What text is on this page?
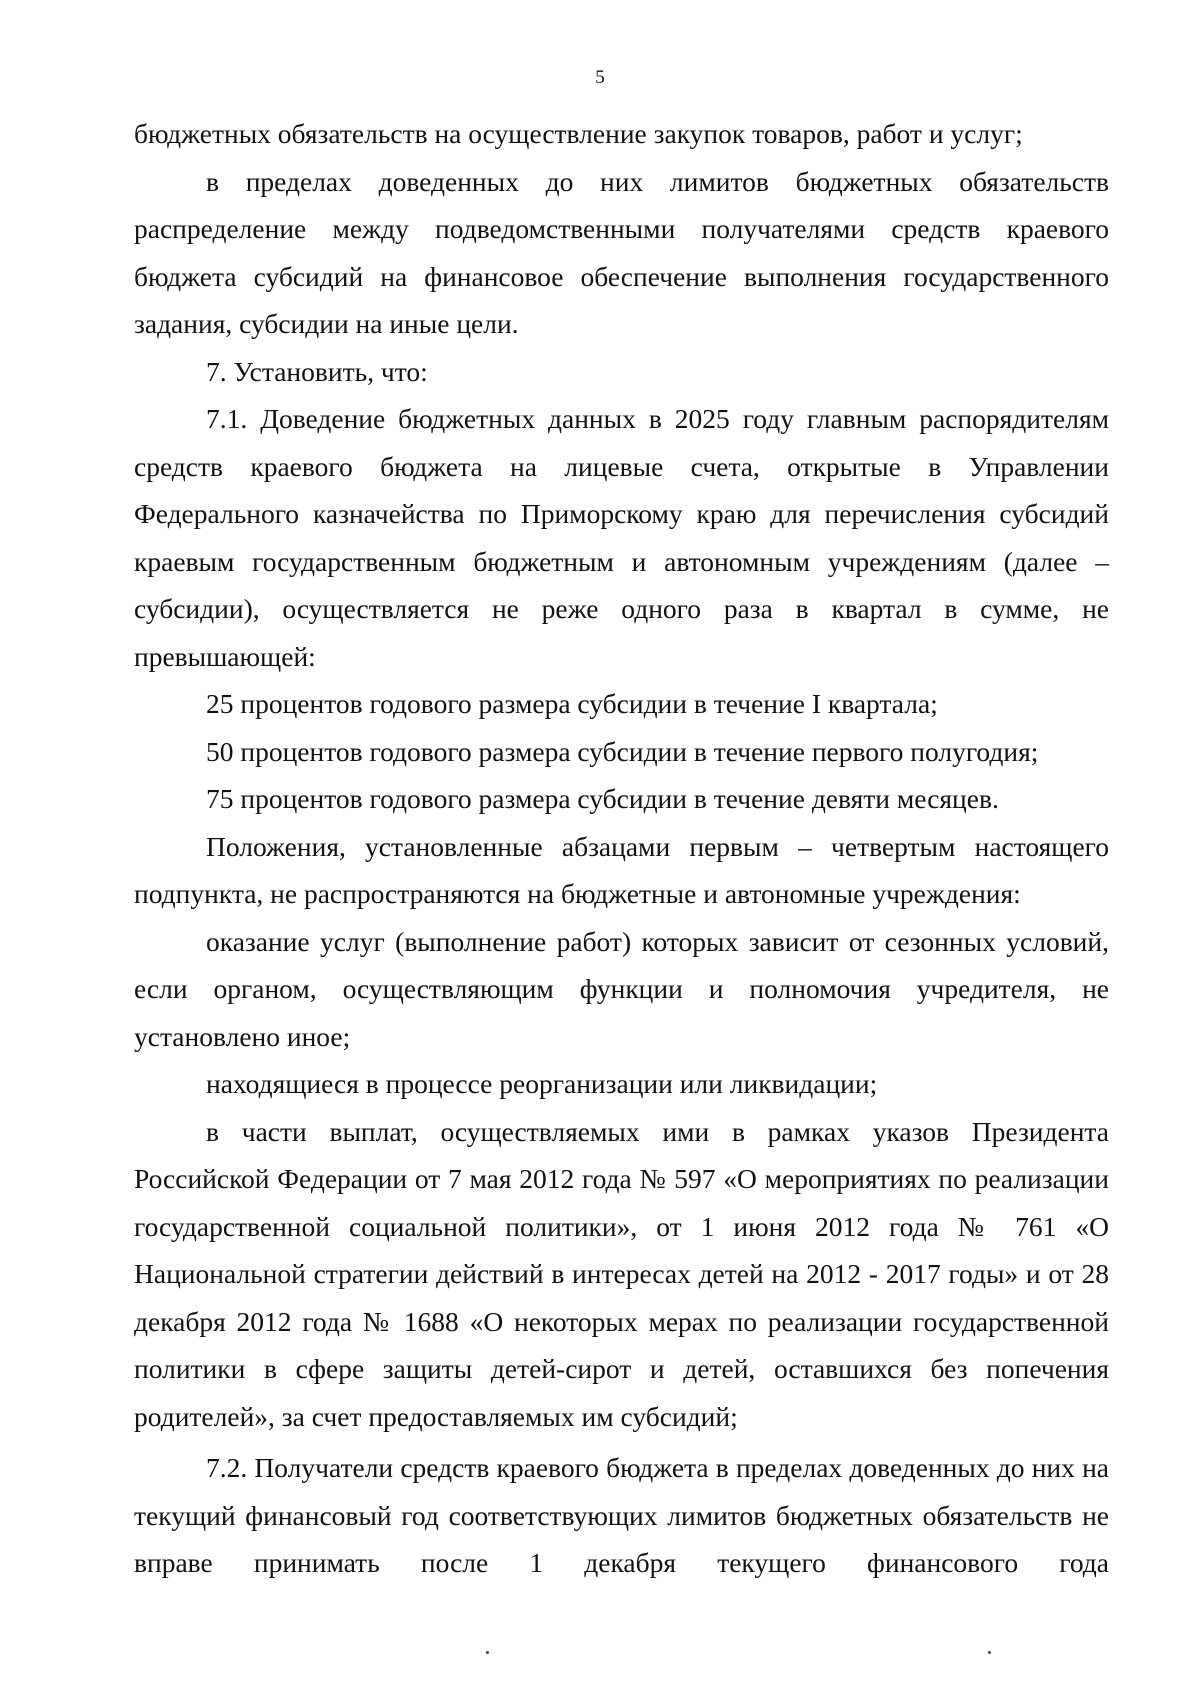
5

бюджетных обязательств на осуществление закупок товаров, работ и услуг;

в пределах доведенных до них лимитов бюджетных обязательств распределение между подведомственными получателями средств краевого бюджета субсидий на финансовое обеспечение выполнения государственного задания, субсидии на иные цели.

7. Установить, что:

7.1. Доведение бюджетных данных в 2025 году главным распорядителям средств краевого бюджета на лицевые счета, открытые в Управлении Федерального казначейства по Приморскому краю для перечисления субсидий краевым государственным бюджетным и автономным учреждениям (далее – субсидии), осуществляется не реже одного раза в квартал в сумме, не превышающей:

25 процентов годового размера субсидии в течение I квартала;

50 процентов годового размера субсидии в течение первого полугодия;

75 процентов годового размера субсидии в течение девяти месяцев.

Положения, установленные абзацами первым – четвертым настоящего подпункта, не распространяются на бюджетные и автономные учреждения:

оказание услуг (выполнение работ) которых зависит от сезонных условий, если органом, осуществляющим функции и полномочия учредителя, не установлено иное;

находящиеся в процессе реорганизации или ликвидации;

в части выплат, осуществляемых ими в рамках указов Президента Российской Федерации от 7 мая 2012 года № 597 «О мероприятиях по реализации государственной социальной политики», от 1 июня 2012 года № 761 «О Национальной стратегии действий в интересах детей на 2012 - 2017 годы» и от 28 декабря 2012 года № 1688 «О некоторых мерах по реализации государственной политики в сфере защиты детей-сирот и детей, оставшихся без попечения родителей», за счет предоставляемых им субсидий;

7.2. Получатели средств краевого бюджета в пределах доведенных до них на текущий финансовый год соответствующих лимитов бюджетных обязательств не вправе принимать после 1 декабря текущего финансового года
